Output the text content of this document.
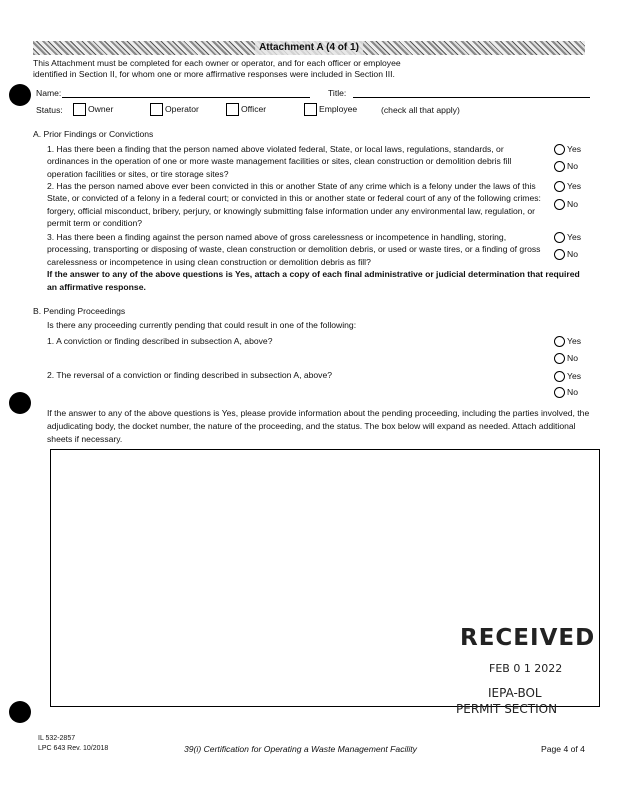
Attachment A (4 of 1)
This Attachment must be completed for each owner or operator, and for each officer or employee
identified in Section II, for whom one or more affirmative responses were included in Section III.
Name:	Title:
Status:	Owner	Operator	Officer	Employee	(check all that apply)
A. Prior Findings or Convictions
1. Has there been a finding that the person named above violated federal, State, or local laws, regulations, standards, or ordinances in the operation of one or more waste management facilities or sites, clean construction or demolition debris fill operation facilities or sites, or tire storage sites?
Yes
No
2. Has the person named above ever been convicted in this or another State of any crime which is a felony under the laws of this State, or convicted of a felony in a federal court; or convicted in this or another state or federal court of any of the following crimes: forgery, official misconduct, bribery, perjury, or knowingly submitting false information under any environmental law, regulation, or permit term or condition?
Yes
No
3. Has there been a finding against the person named above of gross carelessness or incompetence in handling, storing, processing, transporting or disposing of waste, clean construction or demolition debris, or used or waste tires, or a finding of gross carelessness or incompetence in using clean construction or demolition debris as fill?
Yes
No
If the answer to any of the above questions is Yes, attach a copy of each final administrative or judicial determination that required an affirmative response.
B. Pending Proceedings
Is there any proceeding currently pending that could result in one of the following:
1. A conviction or finding described in subsection A, above?	Yes
No
2. The reversal of a conviction or finding described in subsection A, above?	Yes
No
If the answer to any of the above questions is Yes, please provide information about the pending proceeding, including the parties involved, the adjudicating body, the docket number, the nature of the proceeding, and the status. The box below will expand as needed. Attach additional sheets if necessary.
RECEIVED
FEB 0 1 2022
IEPA-BOL
PERMIT SECTION
IL 532-2857
LPC 643 Rev. 10/2018	39(i) Certification for Operating a Waste Management Facility	Page 4 of 4
